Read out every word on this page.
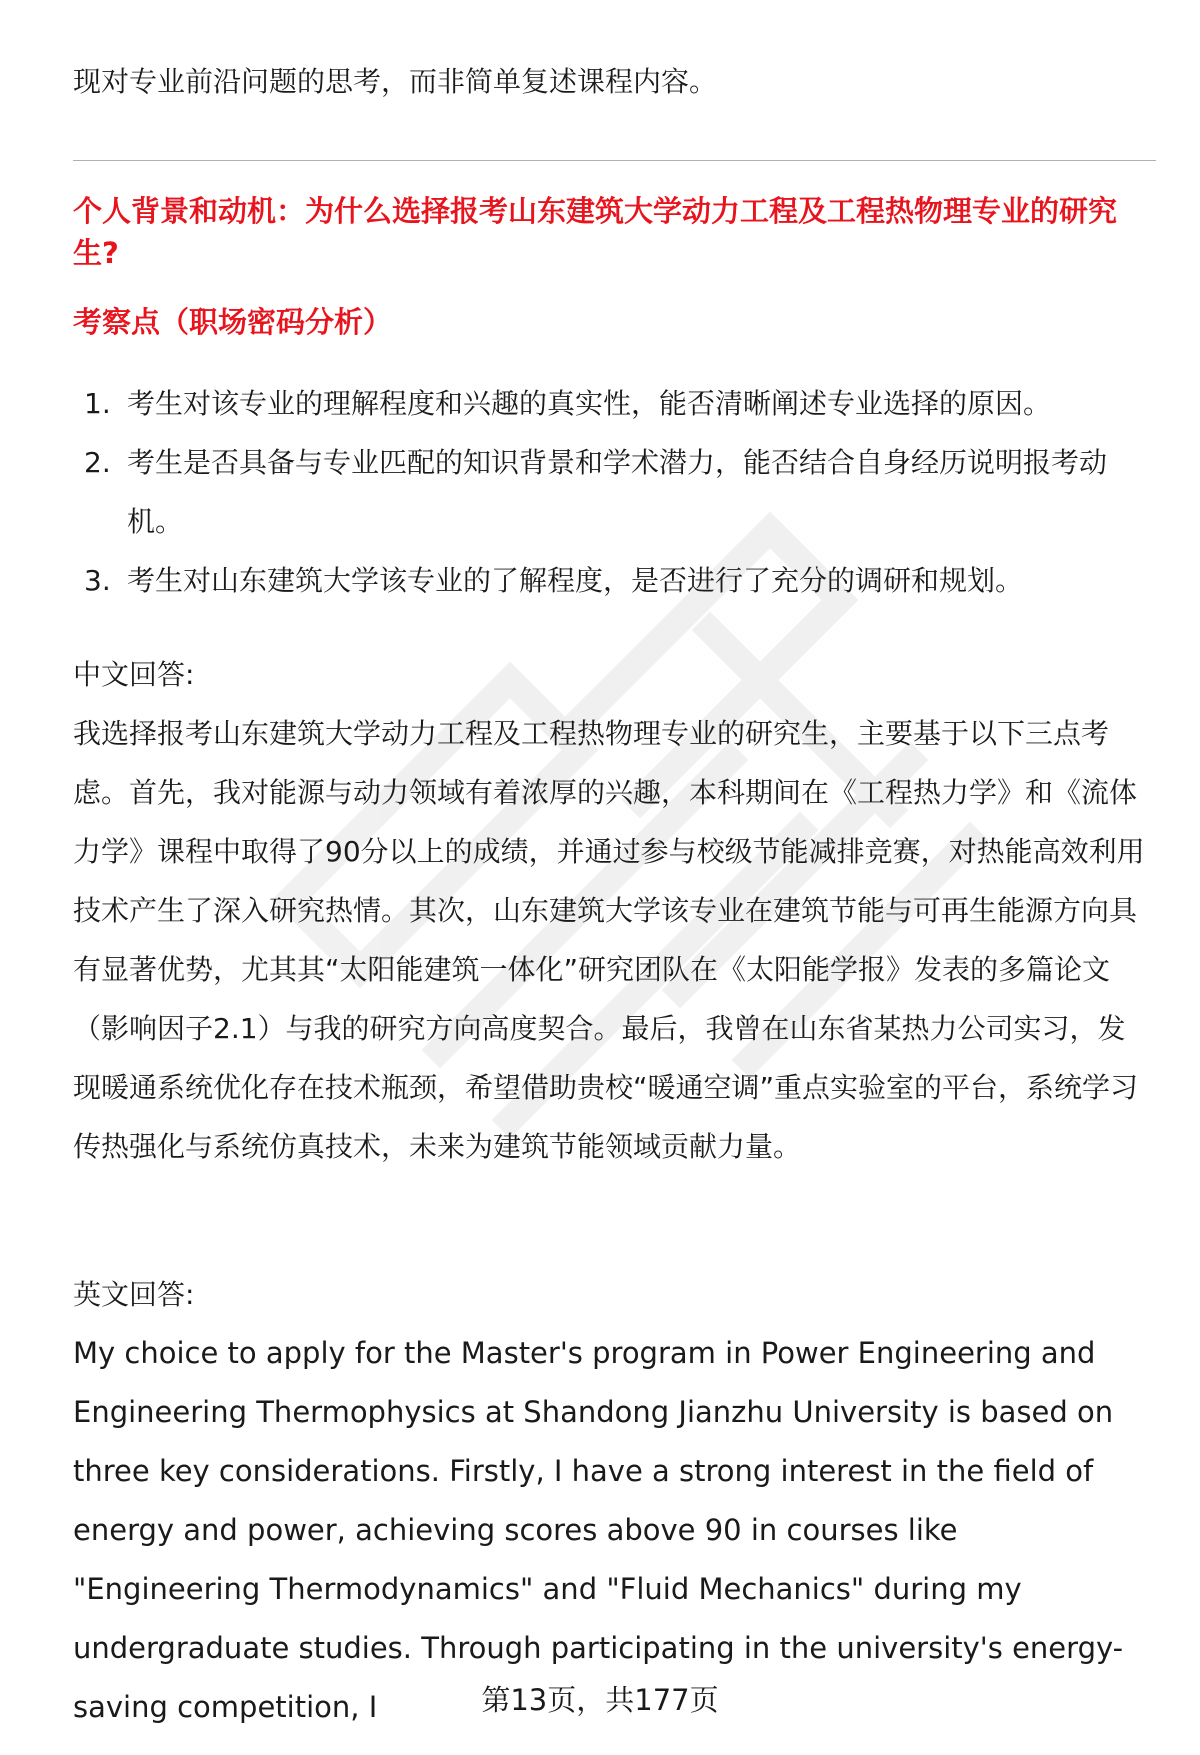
现对专业前沿问题的思考，而非简单复述课程内容。

个人背景和动机：为什么选择报考山东建筑大学动力工程及工程热物理专业的研究生?
考察点（职场密码分析）
1. 考生对该专业的理解程度和兴趣的真实性，能否清晰阐述专业选择的原因。
2. 考生是否具备与专业匹配的知识背景和学术潜力，能否结合自身经历说明报考动机。
3. 考生对山东建筑大学该专业的了解程度，是否进行了充分的调研和规划。

中文回答:

我选择报考山东建筑大学动力工程及工程热物理专业的研究生，主要基于以下三点考虑。首先，我对能源与动力领域有着浓厚的兴趣，本科期间在《工程热力学》和《流体力学》课程中取得了90分以上的成绩，并通过参与校级节能减排竞赛，对热能高效利用技术产生了深入研究热情。其次，山东建筑大学该专业在建筑节能与可再生能源方向具有显著优势，尤其其“太阳能建筑一体化”研究团队在《太阳能学报》发表的多篇论文（影响因子2.1）与我的研究方向高度契合。最后，我曾在山东省某热力公司实习，发现暖通系统优化存在技术瓶颈，希望借助贵校“暖通空调”重点实验室的平台，系统学习传热强化与系统仿真技术，未来为建筑节能领域贡献力量。

英文回答:

My choice to apply for the Master's program in Power Engineering and Engineering Thermophysics at Shandong Jianzhu University is based on three key considerations. Firstly, I have a strong interest in the field of energy and power, achieving scores above 90 in courses like "Engineering Thermodynamics" and "Fluid Mechanics" during my undergraduate studies. Through participating in the university's energy-saving competition, I	第13页，共177页
